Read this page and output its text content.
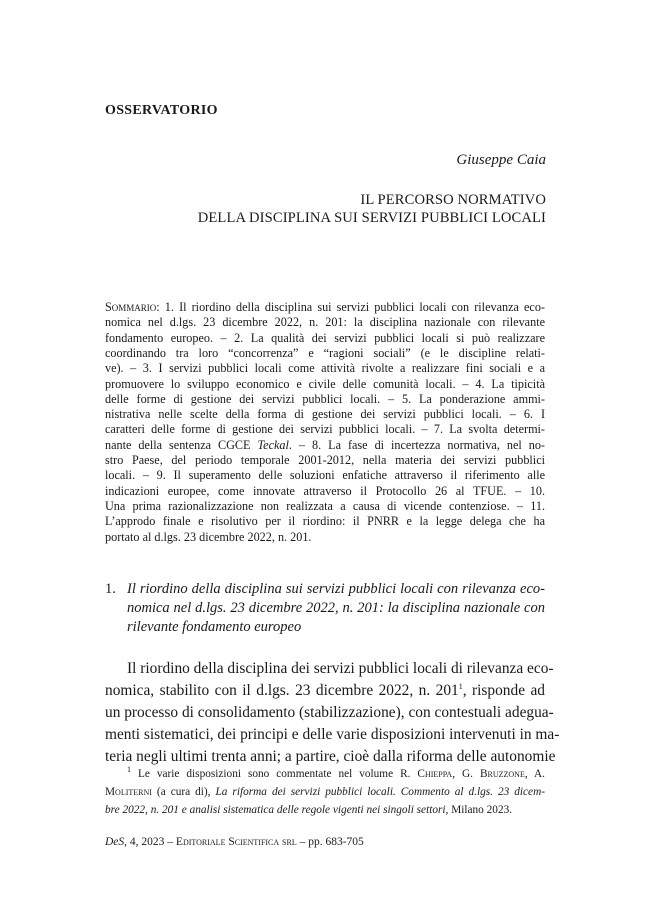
OSSERVATORIO
Giuseppe Caia
IL PERCORSO NORMATIVO
DELLA DISCIPLINA SUI SERVIZI PUBBLICI LOCALI
Sommario: 1. Il riordino della disciplina sui servizi pubblici locali con rilevanza eco-
nomica nel d.lgs. 23 dicembre 2022, n. 201: la disciplina nazionale con rilevante
fondamento europeo. – 2. La qualità dei servizi pubblici locali si può realizzare
coordinando tra loro “concorrenza” e “ragioni sociali” (e le discipline relati-
ve). – 3. I servizi pubblici locali come attività rivolte a realizzare fini sociali e a
promuovere lo sviluppo economico e civile delle comunità locali. – 4. La tipicità
delle forme di gestione dei servizi pubblici locali. – 5. La ponderazione ammi-
nistrativa nelle scelte della forma di gestione dei servizi pubblici locali. – 6. I
caratteri delle forme di gestione dei servizi pubblici locali. – 7. La svolta determi-
nante della sentenza CGCE Teckal. – 8. La fase di incertezza normativa, nel no-
stro Paese, del periodo temporale 2001-2012, nella materia dei servizi pubblici
locali. – 9. Il superamento delle soluzioni enfatiche attraverso il riferimento alle
indicazioni europee, come innovate attraverso il Protocollo 26 al TFUE. – 10.
Una prima razionalizzazione non realizzata a causa di vicende contenziose. – 11.
L’approdo finale e risolutivo per il riordino: il PNRR e la legge delega che ha
portato al d.lgs. 23 dicembre 2022, n. 201.
1. Il riordino della disciplina sui servizi pubblici locali con rilevanza eco-
nomica nel d.lgs. 23 dicembre 2022, n. 201: la disciplina nazionale con
rilevante fondamento europeo
Il riordino della disciplina dei servizi pubblici locali di rilevanza eco-
nomica, stabilito con il d.lgs. 23 dicembre 2022, n. $201^1$, risponde ad
un processo di consolidamento (stabilizzazione), con contestuali adegua-
menti sistematici, dei principi e delle varie disposizioni intervenuti in ma-
teria negli ultimi trenta anni; a partire, cioè dalla riforma delle autonomie
$^1$ Le varie disposizioni sono commentate nel volume R. Chieppa, G. Bruzzone, A.
Moliterni (a cura di), La riforma dei servizi pubblici locali. Commento al d.lgs. 23 dicem-
bre 2022, n. 201 e analisi sistematica delle regole vigenti nei singoli settori, Milano 2023.
DeS, 4, 2023 – Editoriale Scientifica srl – pp. 683-705
